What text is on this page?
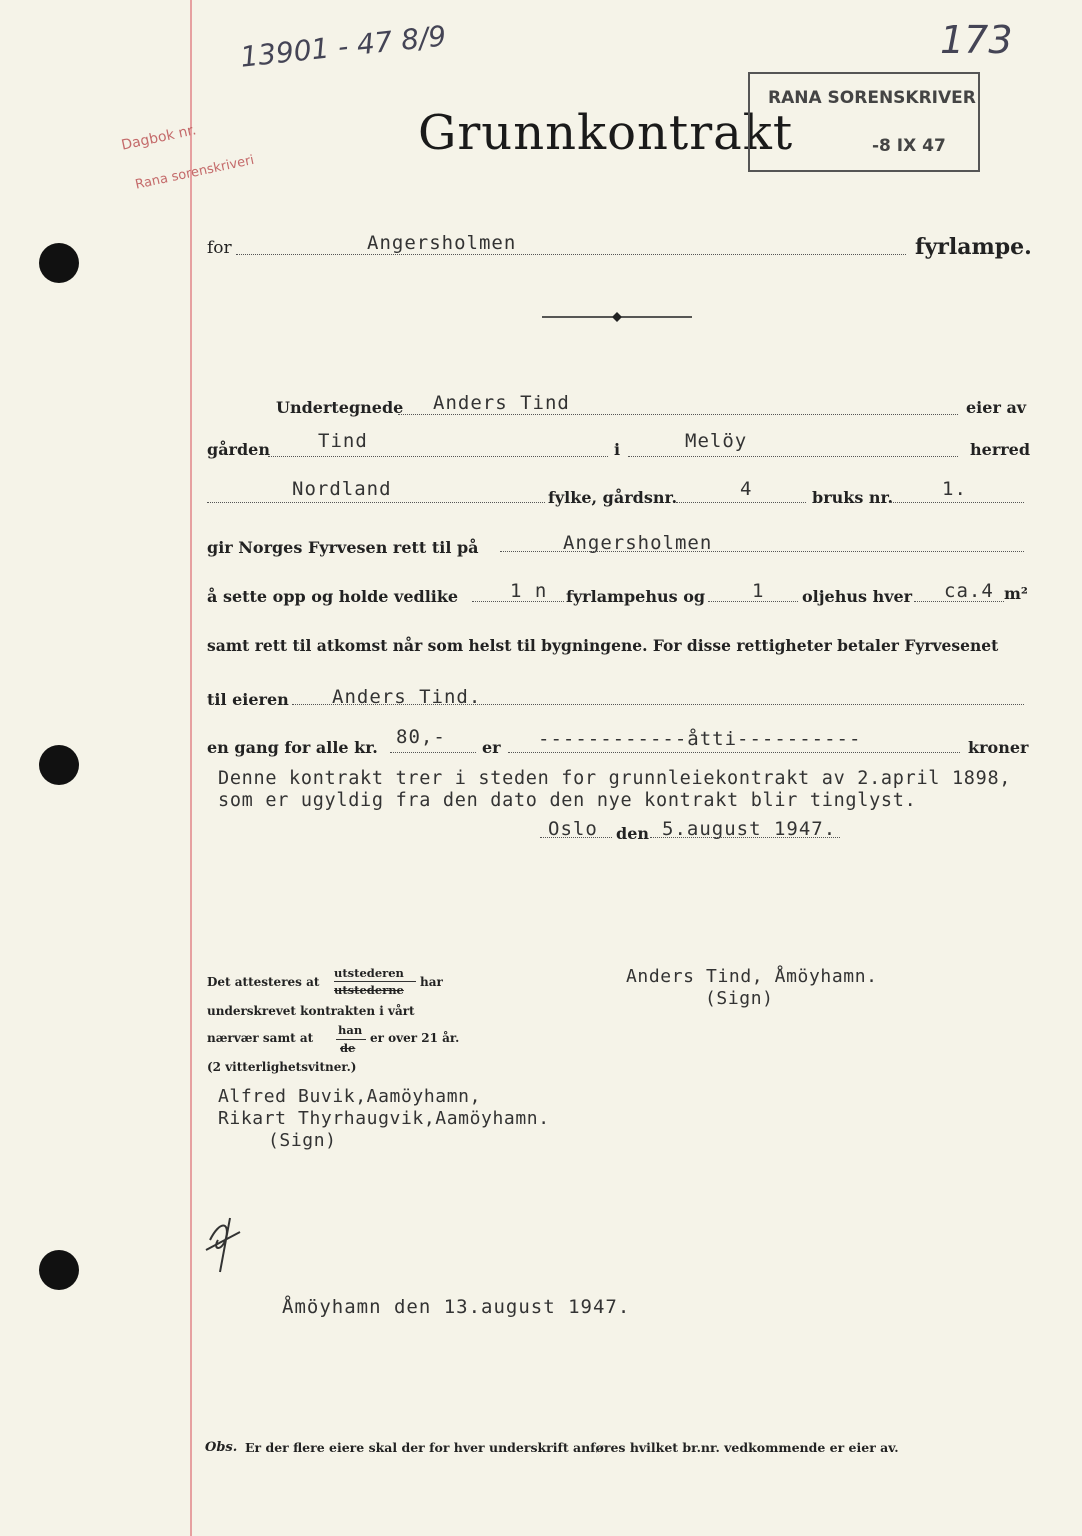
13901 - 47 8/9	173
Grunnkontrakt
RANA SORENSKRIVER
-8 IX 47
Dagbok nr.
Rana sorenskriveri
for	Angersholmen	fyrlampe.
Undertegnede Anders Tind	eier av
gården	Tind	i	Melöy	herred
Nordland	fylke, gårdsnr.	4	bruks nr.	1.
gir Norges Fyrvesen rett til på	Angersholmen
å sette opp og holde vedlike	1 n fyrlampehus og 1 oljehus hver ca.4 m²
samt rett til atkomst når som helst til bygningene. For disse rettigheter betaler Fyrvesenet
til eieren Anders Tind.
en gang for alle kr. 80,- er ------------åtti----------	kroner
Denne kontrakt trer i steden for grunnleiekontrakt av 2.april 1898,
som er ugyldig fra den dato den nye kontrakt blir tinglyst.
Oslo den 5.august 1947.
Det attesteres at
utstederen
utstederne
har
underskrevet kontrakten i vårt
nærvær samt at
han
de
er over 21 år.
(2 vitterlighetsvitner.)
Alfred Buvik,Aamöyhamn,
Rikart Thyrhaugvik,Aamöyhamn.
(Sign)
Anders Tind, Åmöyhamn.
(Sign)
Åmöyhamn den 13.august 1947.
Obs. Er der flere eiere skal der for hver underskrift anføres hvilket br.nr. vedkommende er eier av.
